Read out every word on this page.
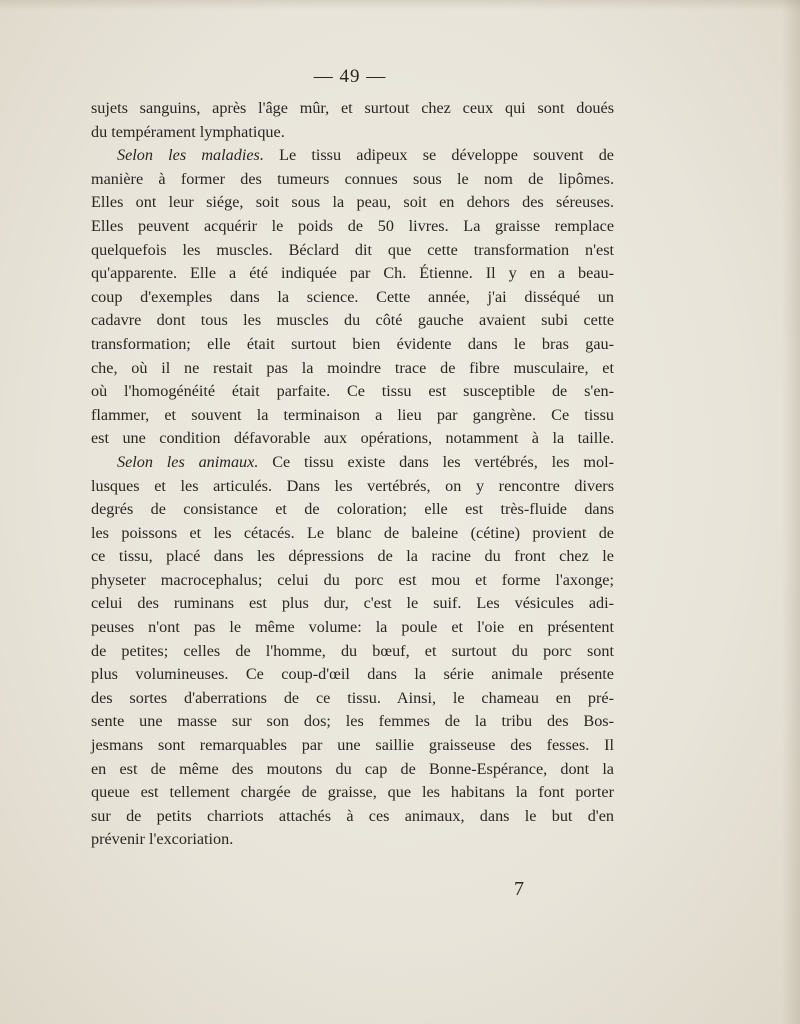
— 49 —
sujets sanguins, après l'âge mûr, et surtout chez ceux qui sont doués
du tempérament lymphatique.
Selon les maladies. Le tissu adipeux se développe souvent de
manière à former des tumeurs connues sous le nom de lipômes.
Elles ont leur siége, soit sous la peau, soit en dehors des séreuses.
Elles peuvent acquérir le poids de 50 livres. La graisse remplace
quelquefois les muscles. Béclard dit que cette transformation n'est
qu'apparente. Elle a été indiquée par Ch. Étienne. Il y en a beau-
coup d'exemples dans la science. Cette année, j'ai disséqué un
cadavre dont tous les muscles du côté gauche avaient subi cette
transformation; elle était surtout bien évidente dans le bras gau-
che, où il ne restait pas la moindre trace de fibre musculaire, et
où l'homogénéité était parfaite. Ce tissu est susceptible de s'en-
flammer, et souvent la terminaison a lieu par gangrène. Ce tissu
est une condition défavorable aux opérations, notamment à la taille.
Selon les animaux. Ce tissu existe dans les vertébrés, les mol-
lusques et les articulés. Dans les vertébrés, on y rencontre divers
degrés de consistance et de coloration; elle est très-fluide dans
les poissons et les cétacés. Le blanc de baleine (cétine) provient de
ce tissu, placé dans les dépressions de la racine du front chez le
physeter macrocephalus; celui du porc est mou et forme l'axonge;
celui des ruminans est plus dur, c'est le suif. Les vésicules adi-
peuses n'ont pas le même volume: la poule et l'oie en présentent
de petites; celles de l'homme, du bœuf, et surtout du porc sont
plus volumineuses. Ce coup-d'œil dans la série animale présente
des sortes d'aberrations de ce tissu. Ainsi, le chameau en pré-
sente une masse sur son dos; les femmes de la tribu des Bos-
jesmans sont remarquables par une saillie graisseuse des fesses. Il
en est de même des moutons du cap de Bonne-Espérance, dont la
queue est tellement chargée de graisse, que les habitans la font porter
sur de petits charriots attachés à ces animaux, dans le but d'en
prévenir l'excoriation.
7
